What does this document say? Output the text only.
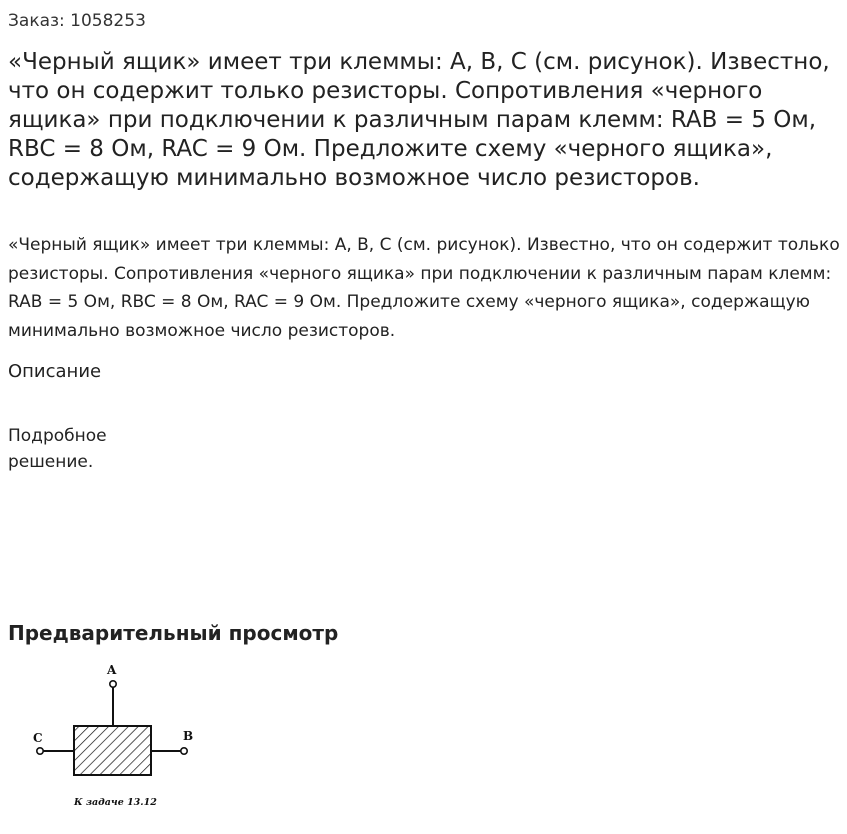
Заказ: 1058253
«Черный ящик» имеет три клеммы: А, В, С (см. рисунок). Известно, что он содержит только резисторы. Сопротивления «черного ящика» при подключении к различным парам клемм: RAB = 5 Ом, RBC = 8 Ом, RAC = 9 Ом. Предложите схему «черного ящика», содержащую минимально возможное число резисторов.

«Черный ящик» имеет три клеммы: А, В, С (см. рисунок). Известно, что он содержит только резисторы. Сопротивления «черного ящика» при подключении к различным парам клемм: RAB = 5 Ом, RBC = 8 Ом, RAC = 9 Ом. Предложите схему «черного ящика», содержащую минимально возможное число резисторов.

Описание
Подробное решение.
Предварительный просмотр
A
B
C
К задаче 13.12
